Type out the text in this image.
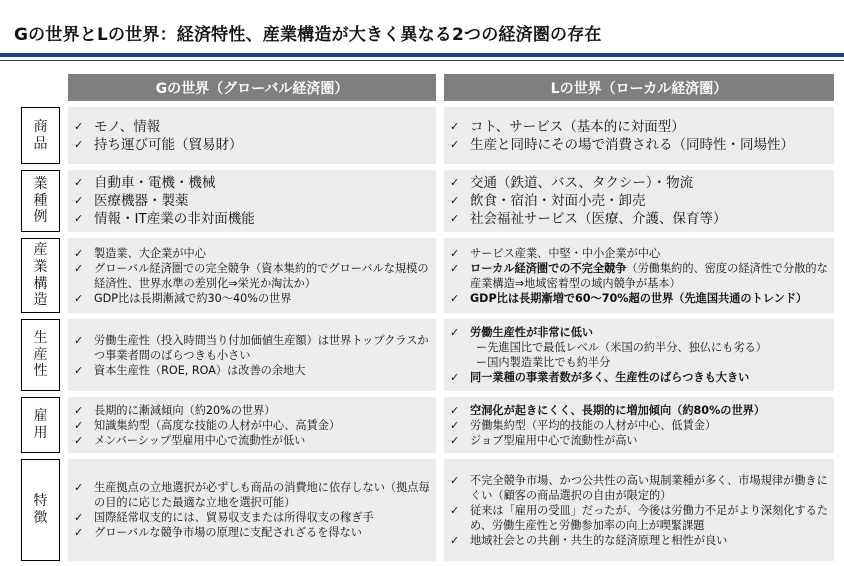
Gの世界とLの世界：経済特性、産業構造が大きく異なる2つの経済圏の存在
Gの世界（グローバル経済圏）	Lの世界（ローカル経済圏）
商品
✓ モノ、情報
✓ 持ち運び可能（貿易財）
✓ コト、サービス（基本的に対面型）
✓ 生産と同時にその場で消費される（同時性・同場性）
業種例
✓ 自動車・電機・機械
✓ 医療機器・製薬
✓ 情報・IT産業の非対面機能
✓ 交通（鉄道、バス、タクシー）・物流
✓ 飲食・宿泊・対面小売・卸売
✓ 社会福祉サービス（医療、介護、保育等）
産業構造
✓ 製造業、大企業が中心
✓ グローバル経済圏での完全競争（資本集約的でグローバルな規模の経済性、世界水準の差別化⇒栄光か淘汰か）
✓ GDP比は長期漸減で約30～40%の世界
✓ サービス産業、中堅・中小企業が中心
✓ ローカル経済圏での不完全競争（労働集約的、密度の経済性で分散的な産業構造⇒地域密着型の域内競争が基本）
✓ GDP比は長期漸増で60～70%超の世界（先進国共通のトレンド）
生産性
✓ 労働生産性（投入時間当り付加価値生産額）は世界トップクラスかつ事業者間のばらつきも小さい
✓ 資本生産性（ROE, ROA）は改善の余地大
✓ 労働生産性が非常に低い
ー先進国比で最低レベル（米国の約半分、独仏にも劣る）
ー国内製造業比でも約半分
✓ 同一業種の事業者数が多く、生産性のばらつきも大きい
雇用
✓ 長期的に漸減傾向（約20%の世界）
✓ 知識集約型（高度な技能の人材が中心、高賃金）
✓ メンバーシップ型雇用中心で流動性が低い
✓ 空洞化が起きにくく、長期的に増加傾向（約80%の世界）
✓ 労働集約型（平均的技能の人材が中心、低賃金）
✓ ジョブ型雇用中心で流動性が高い
特徴
✓ 生産拠点の立地選択が必ずしも商品の消費地に依存しない（拠点毎の目的に応じた最適な立地を選択可能）
✓ 国際経常収支的には、貿易収支または所得収支の稼ぎ手
✓ グローバルな競争市場の原理に支配されざるを得ない
✓ 不完全競争市場、かつ公共性の高い規制業種が多く、市場規律が働きにくい（顧客の商品選択の自由が限定的）
✓ 従来は「雇用の受皿」だったが、今後は労働力不足がより深刻化するため、労働生産性と労働参加率の向上が喫緊課題
✓ 地域社会との共創・共生的な経済原理と相性が良い
